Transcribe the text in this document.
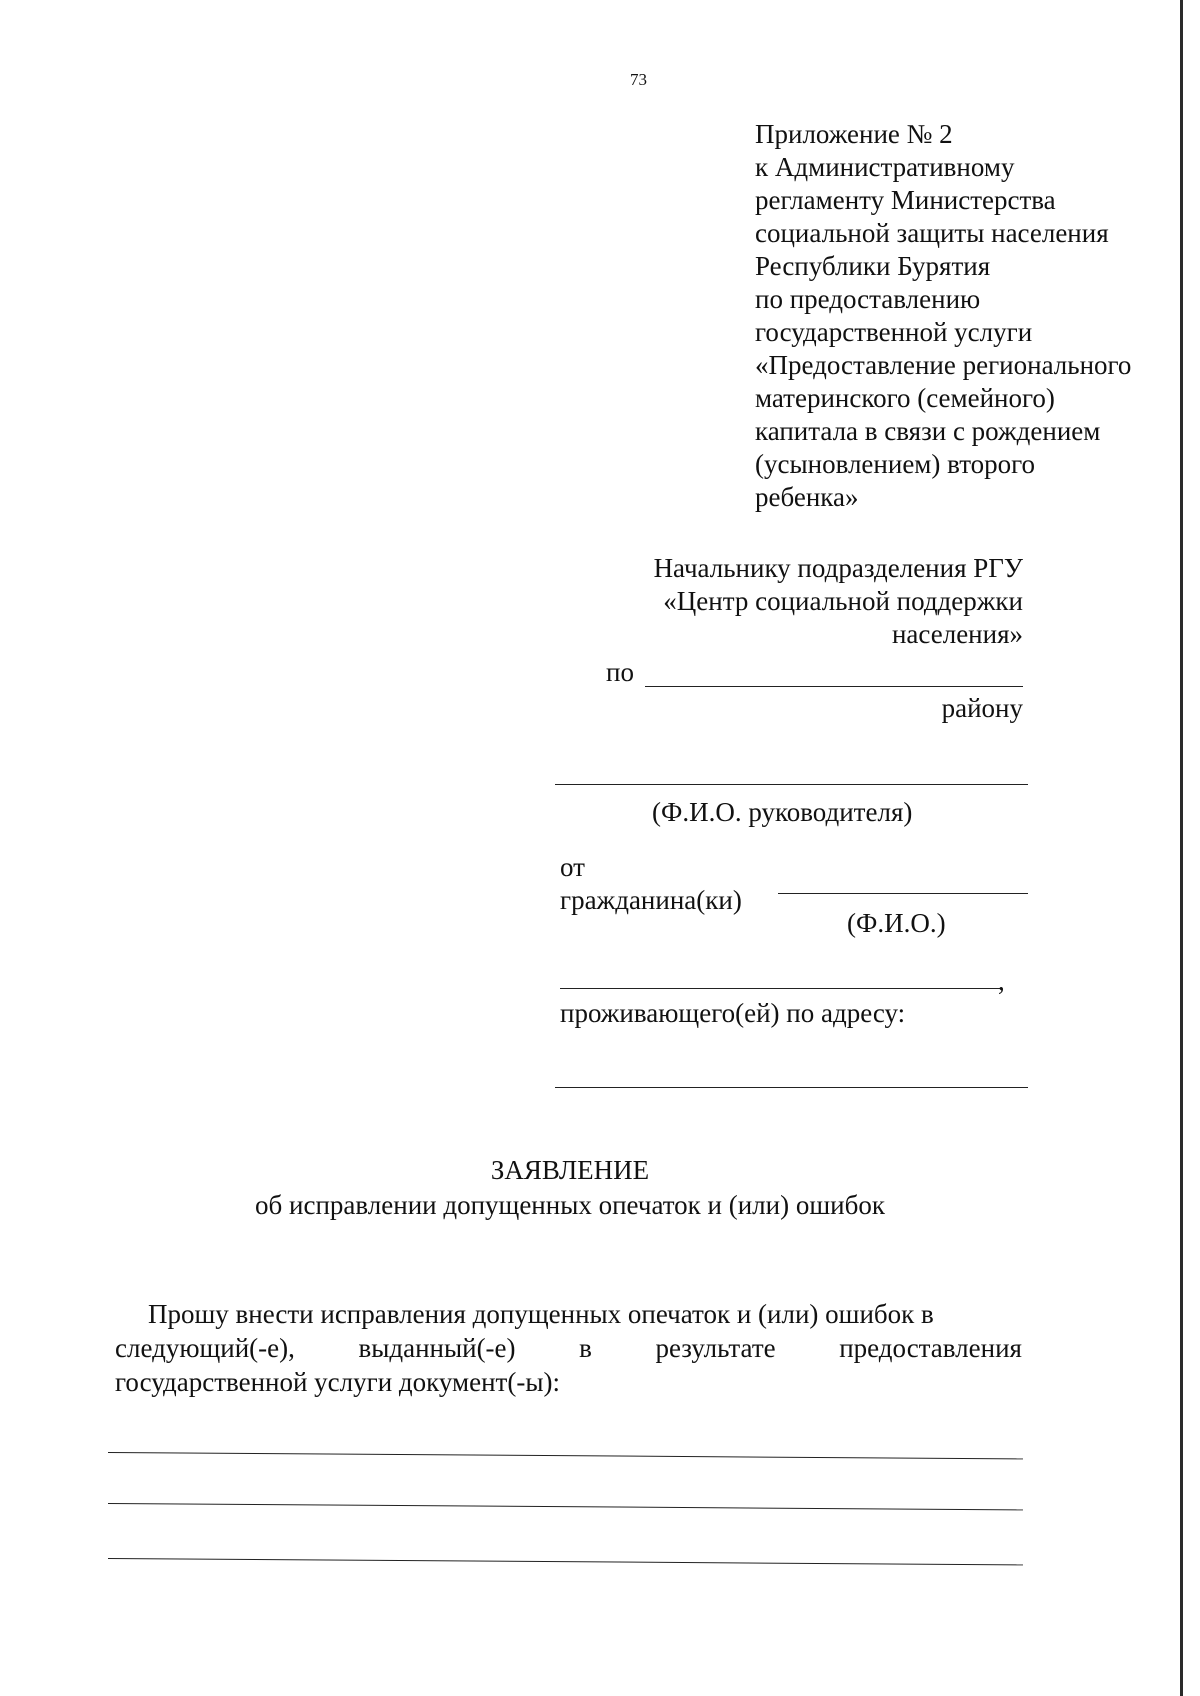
73
Приложение № 2
к Административному
регламенту Министерства
социальной защиты населения
Республики Бурятия
по предоставлению
государственной услуги
«Предоставление регионального
материнского (семейного)
капитала в связи с рождением
(усыновлением) второго
ребенка»
Начальнику подразделения РГУ
«Центр социальной поддержки
населения»
по
району
(Ф.И.О. руководителя)
от
гражданина(ки)
(Ф.И.О.)
,
проживающего(ей) по адресу:
ЗАЯВЛЕНИЕ
об исправлении допущенных опечаток и (или) ошибок
Прошу внести исправления допущенных опечаток и (или) ошибок в
следующий(-е), выданный(-е) в результате предоставления
государственной услуги документ(-ы):
